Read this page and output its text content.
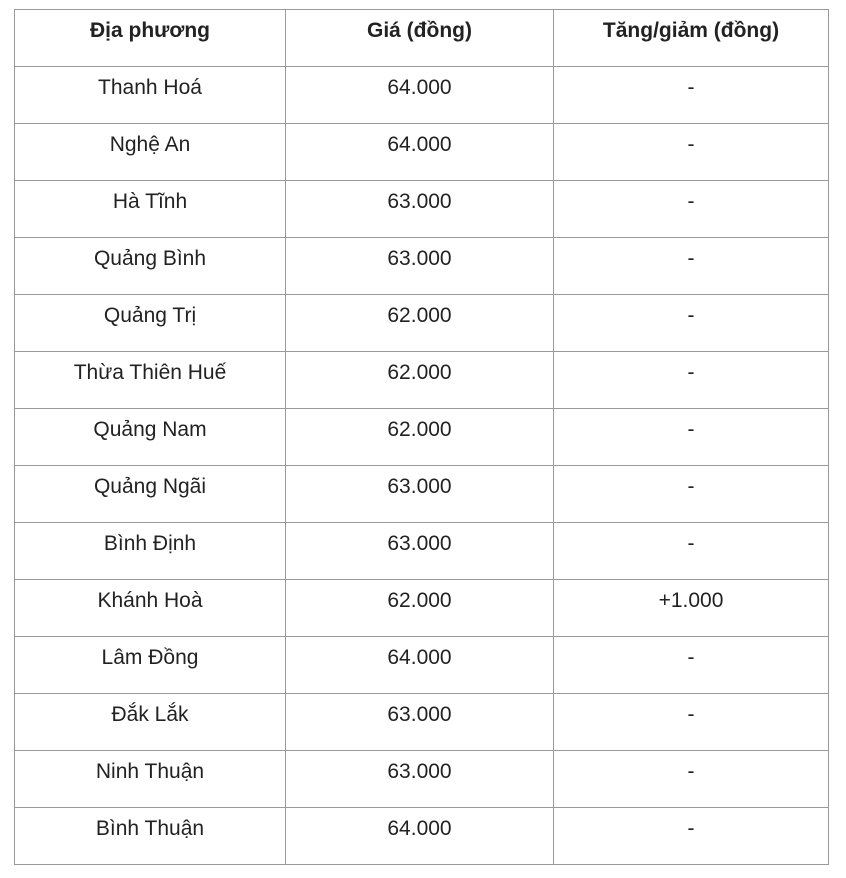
Địa phương	Giá (đồng)	Tăng/giảm (đồng)

Thanh Hoá	64.000	-

Nghệ An	64.000	-

Hà Tĩnh	63.000	-

Quảng Bình	63.000	-

Quảng Trị	62.000	-

Thừa Thiên Huế	62.000	-

Quảng Nam	62.000	-

Quảng Ngãi	63.000	-

Bình Định	63.000	-

Khánh Hoà	62.000	+1.000

Lâm Đồng	64.000	-

Đắk Lắk	63.000	-

Ninh Thuận	63.000	-

Bình Thuận	64.000	-
